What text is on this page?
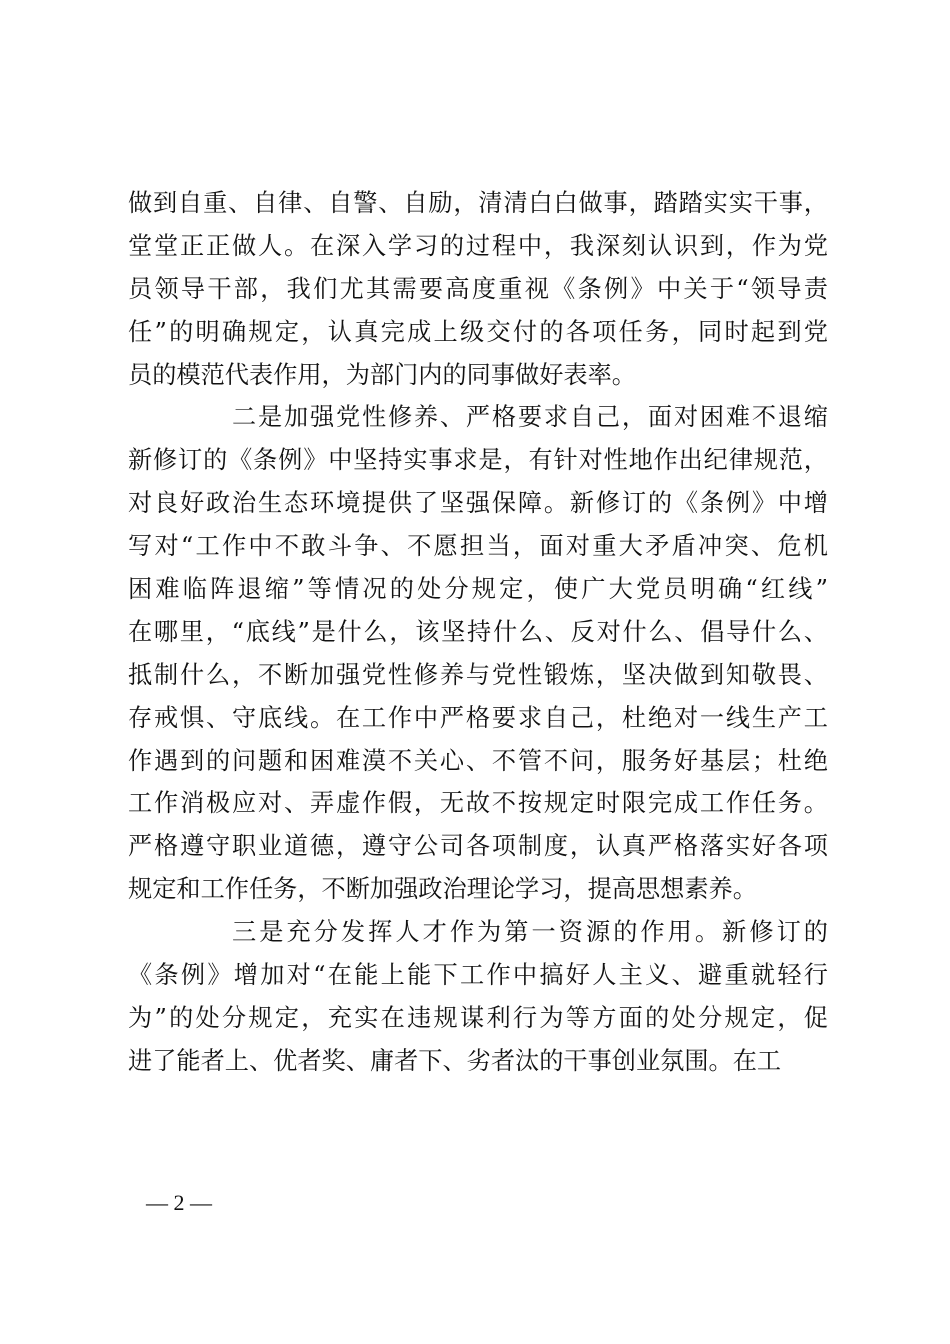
做到自重、自律、自警、自励，清清白白做事，踏踏实实干事，
堂堂正正做人。在深入学习的过程中，我深刻认识到，作为党
员领导干部，我们尤其需要高度重视《条例》中关于“领导责
任”的明确规定，认真完成上级交付的各项任务，同时起到党
员的模范代表作用，为部门内的同事做好表率。
二是加强党性修养、严格要求自己，面对困难不退缩
新修订的《条例》中坚持实事求是，有针对性地作出纪律规范，
对良好政治生态环境提供了坚强保障。新修订的《条例》中增
写对“工作中不敢斗争、不愿担当，面对重大矛盾冲突、危机
困难临阵退缩”等情况的处分规定，使广大党员明确“红线”
在哪里，“底线”是什么，该坚持什么、反对什么、倡导什么、
抵制什么，不断加强党性修养与党性锻炼，坚决做到知敬畏、
存戒惧、守底线。在工作中严格要求自己，杜绝对一线生产工
作遇到的问题和困难漠不关心、不管不问，服务好基层；杜绝
工作消极应对、弄虚作假，无故不按规定时限完成工作任务。
严格遵守职业道德，遵守公司各项制度，认真严格落实好各项
规定和工作任务，不断加强政治理论学习，提高思想素养。
三是充分发挥人才作为第一资源的作用。新修订的
《条例》增加对“在能上能下工作中搞好人主义、避重就轻行
为”的处分规定，充实在违规谋利行为等方面的处分规定，促
进了能者上、优者奖、庸者下、劣者汰的干事创业氛围。在工
— 2 —
